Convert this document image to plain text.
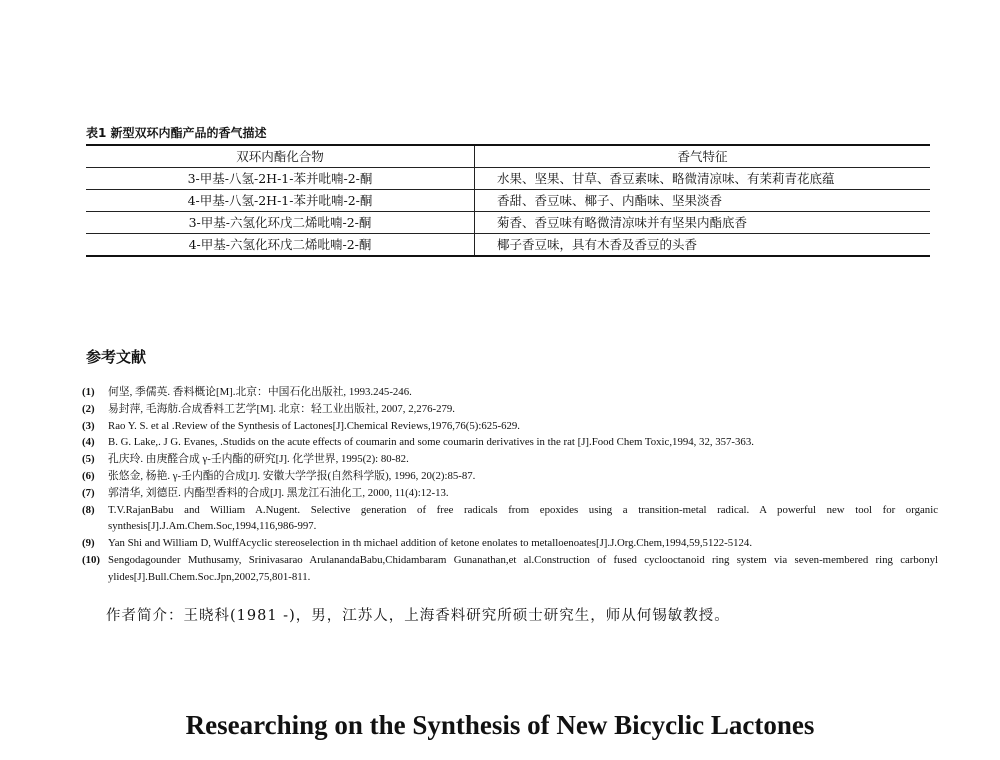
表1 新型双环内酯产品的香气描述
双环内酯化合物	香气特征
3-甲基-八氢-2H-1-苯并吡喃-2-酮	水果、坚果、甘草、香豆素味、略微清凉味、有茉莉青花底蕴
4-甲基-八氢-2H-1-苯并吡喃-2-酮	香甜、香豆味、椰子、内酯味、坚果淡香
3-甲基-六氢化环戊二烯吡喃-2-酮	菊香、香豆味有略微清凉味并有坚果内酯底香
4-甲基-六氢化环戊二烯吡喃-2-酮	椰子香豆味，具有木香及香豆的头香
参考文献
(1)	何坚, 季儒英. 香料概论[M].北京：中国石化出版社, 1993.245-246.
(2)	易封萍, 毛海舫.合成香料工艺学[M]. 北京：轻工业出版社, 2007, 2,276-279.
(3)	Rao Y. S. et al .Review of the Synthesis of Lactones[J].Chemical Reviews,1976,76(5):625-629.
(4)	B. G. Lake,. J G. Evanes, .Studids on the acute effects of coumarin and some coumarin derivatives in the rat [J].Food Chem Toxic,1994, 32, 357-363.
(5)	孔庆玲. 由庚醛合成 γ-壬内酯的研究[J]. 化学世界, 1995(2): 80-82.
(6)	张悠金, 杨艳. γ-壬内酯的合成[J]. 安徽大学学报(自然科学版), 1996, 20(2):85-87.
(7)	郭清华, 刘德臣. 内酯型香料的合成[J]. 黑龙江石油化工, 2000, 11(4):12-13.
(8)	T.V.RajanBabu and William A.Nugent. Selective generation of free radicals from epoxides using a transition-metal radical. A powerful new tool for organic synthesis[J].J.Am.Chem.Soc,1994,116,986-997.
(9)	Yan Shi and William D, WulffAcyclic stereoselection in th michael addition of ketone enolates to metalloenoates[J].J.Org.Chem,1994,59,5122-5124.
(10) Sengodagounder Muthusamy, Srinivasarao ArulanandaBabu,Chidambaram Gunanathan,et al.Construction of fused cyclooctanoid ring system via seven-membered ring carbonyl ylides[J].Bull.Chem.Soc.Jpn,2002,75,801-811.
作者简介：王晓科(1981 -)，男，江苏人，上海香料研究所硕士研究生，师从何锡敏教授。
Researching on the Synthesis of New Bicyclic Lactones
